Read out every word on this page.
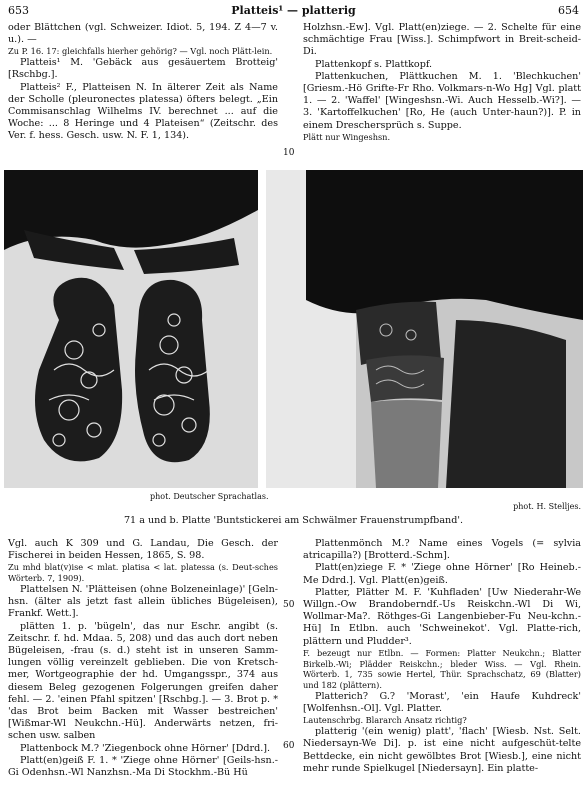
653	Platteis¹ — platterig	654

oder Blättchen (vgl. Schweizer. Idiot. 5, 194. Z 4—7 v. u.). —

Zu P. 16. 17: gleichfalls hierher gehörig? — Vgl. noch Plätt-lein.

Platteis¹ M. 'Gebäck aus gesäuertem Brotteig' [Rschbg.].

Platteis² F., Platteisen N. In älterer Zeit als Name der Scholle (pleuronectes platessa) öfters belegt. „Ein Commisanschlag Wilhelms IV. berechnet ... auf die Woche: ... 8 Heringe und 4 Plateisen“ (Zeitschr. des Ver. f. hess. Gesch. usw. N. F. 1, 134).

10

Holzhsn.-Ew]. Vgl. Platt(en)ziege. — 2. Schelte für eine schmächtige Frau [Wiss.]. Schimpfwort in Breit-scheid-Di.

Plattenkopf s. Plattkopf.

Plattenkuchen, Plättkuchen M. 1. 'Blechkuchen' [Griesm.-Hö Grifte-Fr Rho. Volkmars-n-Wo Hg] Vgl. platt 1. — 2. 'Waffel' [Wingeshsn.-Wi. Auch Hesselb.-Wi?]. — 3. 'Kartoffelkuchen' [Ro, He (auch Unter-haun?)]. P. in einem Dreschersprüch s. Suppe.

Plätt nur Wingeshsn.

phot. Deutscher Sprachatlas.
phot. H. Stelljes.
71 a und b. Platte 'Buntstickerei am Schwälmer Frauenstrumpfband'.

Vgl. auch K 309 und G. Landau, Die Gesch. der Fischerei in beiden Hessen, 1865, S. 98.

Zu mhd blat(v)ise < mlat. platisa < lat. platessa (s. Deut-sches Wörterb. 7, 1909).

Plattelsen N. 'Plätteisen (ohne Bolzeneinlage)' [Geln-hsn. (älter als jetzt fast allein übliches Bügeleisen), Frankf. Wett.].

plätten 1. p. 'bügeln', das nur Eschr. angibt (s. Zeitschr. f. hd. Mdaa. 5, 208) und das auch dort neben Bügeleisen, -frau (s. d.) steht ist in unseren Samm-lungen völlig vereinzelt geblieben. Die von Kretsch-mer, Wortgeographie der hd. Umgangsspr., 374 aus diesem Beleg gezogenen Folgerungen greifen daher fehl. — 2. 'einen Pfahl spitzen' [Rschbg.]. — 3. Brot p. * 'das Brot beim Backen mit Wasser bestreichen' [Wißmar-Wl Neukchn.-Hü]. Anderwärts netzen, fri-schen usw. salben

Plattenbock M.? 'Ziegenbock ohne Hörner' [Ddrd.].

Platt(en)geiß F. 1. * 'Ziege ohne Hörner' [Geils-hsn.-Gi Odenhsn.-Wl Nanzhsn.-Ma Di Stockhm.-Bü Hü

50
60

Plattenmönch M.? Name eines Vogels (= sylvia atricapilla?) [Brotterd.-Schm].

Platt(en)ziege F. * 'Ziege ohne Hörner' [Ro Heineb.-Me Ddrd.]. Vgl. Platt(en)geiß.

Platter, Plätter M. F. 'Kuhfladen' [Uw Niederahr-We Willgn.-Ow Brandoberndf.-Us Reiskchn.-Wl Di Wi, Wollmar-Ma?. Röthges-Gi Langenbieber-Fu Neu-kchn.-Hü] In Etlbn. auch 'Schweinekot'. Vgl. Platte-rich, plättern und Pludder³.

F. bezeugt nur Etlbn. — Formen: Platter Neukchn.; Blatter Birkelb.-Wi; Plädder Reiskchn.; bleder Wiss. — Vgl. Rhein. Wörterb. 1, 735 sowie Hertel, Thür. Sprachschatz, 69 (Blatter) und 182 (plättern).

Platterich? G.? 'Morast', 'ein Haufe Kuhdreck' [Wolfenhsn.-Ol]. Vgl. Platter.

Lautenschrbg. Blararch Ansatz richtig?

platterig '(ein wenig) platt', 'flach' [Wiesb. Nst. Selt. Niedersayn-We Di]. p. ist eine nicht aufgeschüt-telte Bettdecke, ein nicht gewölbtes Brot [Wiesb.], eine nicht mehr runde Spielkugel [Niedersayn]. Ein platte-
